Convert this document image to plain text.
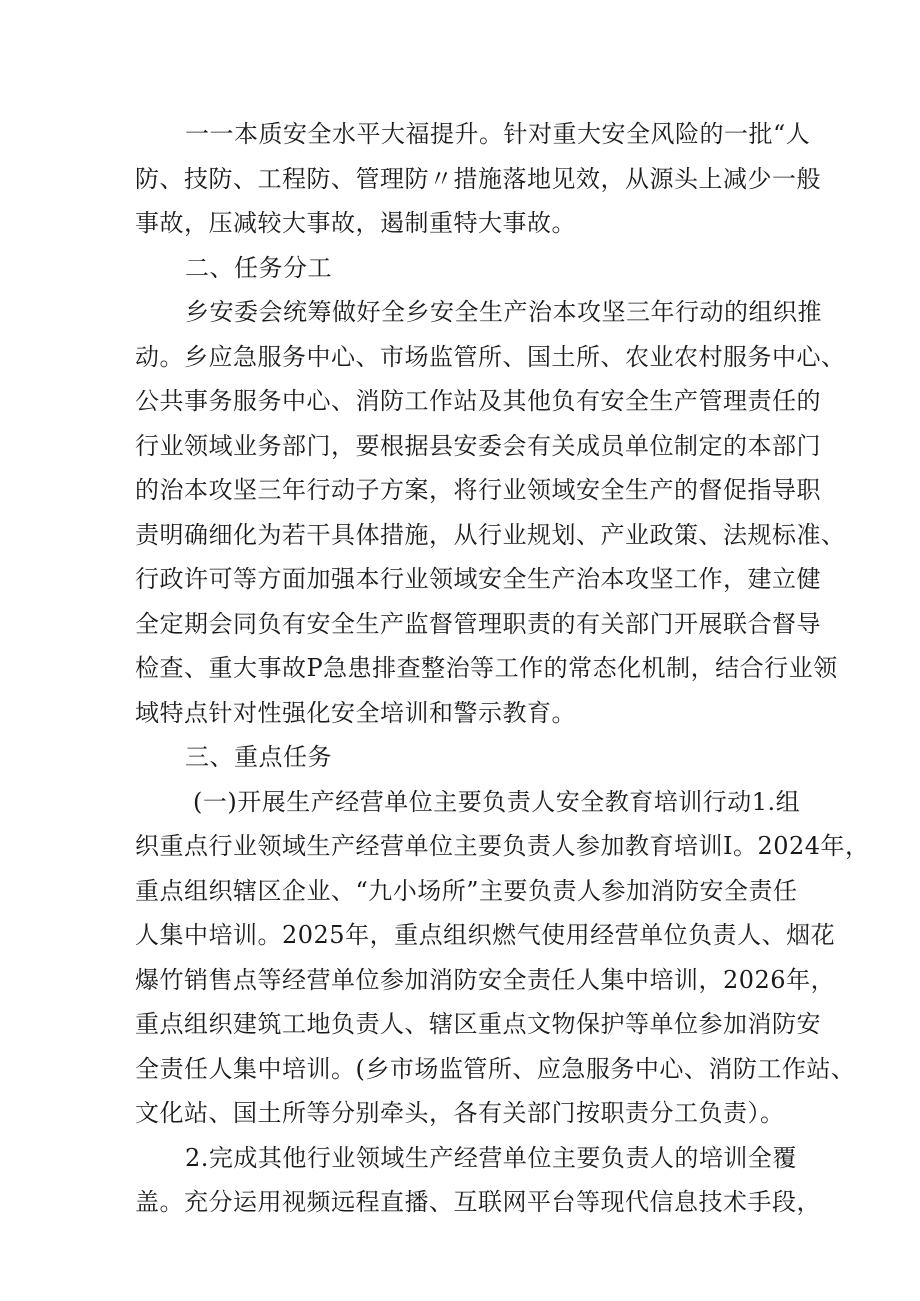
一一本质安全水平大福提升。针对重大安全风险的一批“人
防、技防、工程防、管理防〃措施落地见效，从源头上减少一般
事故，压减较大事故，遏制重特大事故。
二、任务分工
乡安委会统筹做好全乡安全生产治本攻坚三年行动的组织推
动。乡应急服务中心、市场监管所、国土所、农业农村服务中心、
公共事务服务中心、消防工作站及其他负有安全生产管理责任的
行业领域业务部门，要根据县安委会有关成员单位制定的本部门
的治本攻坚三年行动子方案，将行业领域安全生产的督促指导职
责明确细化为若干具体措施，从行业规划、产业政策、法规标准、
行政许可等方面加强本行业领域安全生产治本攻坚工作，建立健
全定期会同负有安全生产监督管理职责的有关部门开展联合督导
检查、重大事故P急患排查整治等工作的常态化机制，结合行业领
域特点针对性强化安全培训和警示教育。
三、重点任务
(一)开展生产经营单位主要负责人安全教育培训行动1.组
织重点行业领域生产经营单位主要负责人参加教育培训I。2024年，
重点组织辖区企业、“九小场所”主要负责人参加消防安全责任
人集中培训。2025年，重点组织燃气使用经营单位负责人、烟花
爆竹销售点等经营单位参加消防安全责任人集中培训，2026年，
重点组织建筑工地负责人、辖区重点文物保护等单位参加消防安
全责任人集中培训。(乡市场监管所、应急服务中心、消防工作站、
文化站、国土所等分别牵头，各有关部门按职责分工负责）。
2.完成其他行业领域生产经营单位主要负责人的培训全覆
盖。充分运用视频远程直播、互联网平台等现代信息技术手段，
